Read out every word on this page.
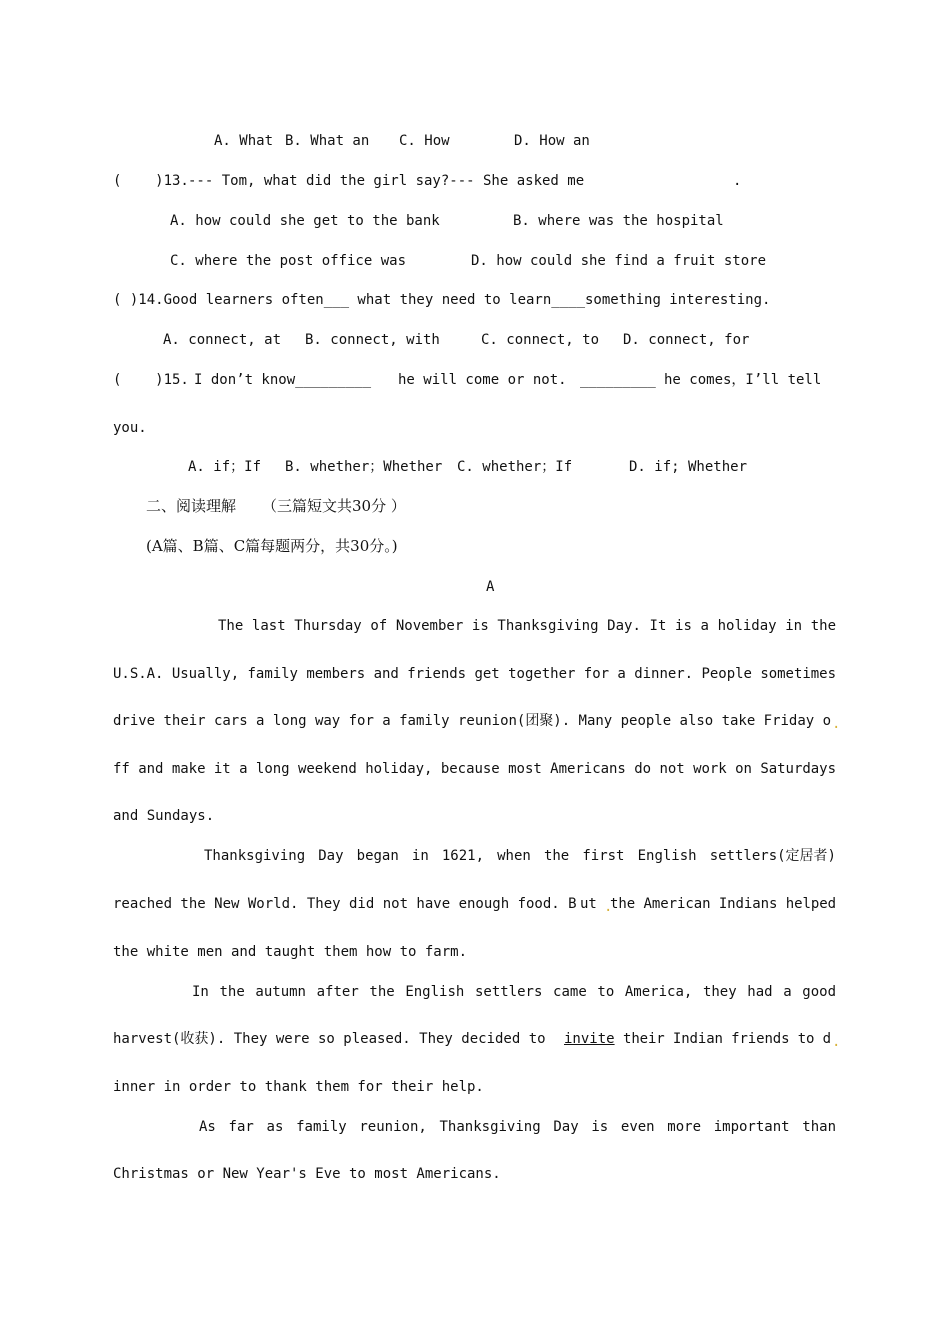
A. What B. What an C. How	D. How an
(    )13. --- Tom, what did the girl say?--- She asked me	.
A. how could she get to the bank	B. where was the hospital
C. where the post office was	D. how could she find a fruit store
( )14.Good learners often___ what they need to learn____something interesting.
A. connect, at B. connect, with	C. connect, to D. connect, for
(    )15. I don’t know_________ he will come or not. _________ he comes，I’ll tell
you.
A. if；If B. whether；Whether C. whether；If	D. if; Whether
二、阅读理解 （三篇短文共30分 ）
(A篇、B篇、C篇每题两分，共30分。)
A
The last Thursday of November is Thanksgiving Day. It is a holiday in the
U.S.A. Usually, family members and friends get together for a dinner. People sometimes
drive their cars a long way for a family reunion(团聚). Many people also take Friday o .
ff and make it a long weekend holiday, because most Americans do not work on Saturdays
and Sundays.
Thanksgiving Day began in 1621, when the first English settlers(定居者)
reached the New World. They did not have enough food. B ut .
the American Indians helped
the white men and taught them how to farm.
In the autumn after the English settlers came to America, they had a good
harvest(收获). They were so pleased. They decided to invite their Indian friends to d .
inner in order to thank them for their help.
As far as family reunion, Thanksgiving Day is even more important than
Christmas or New Year's Eve to most Americans.
